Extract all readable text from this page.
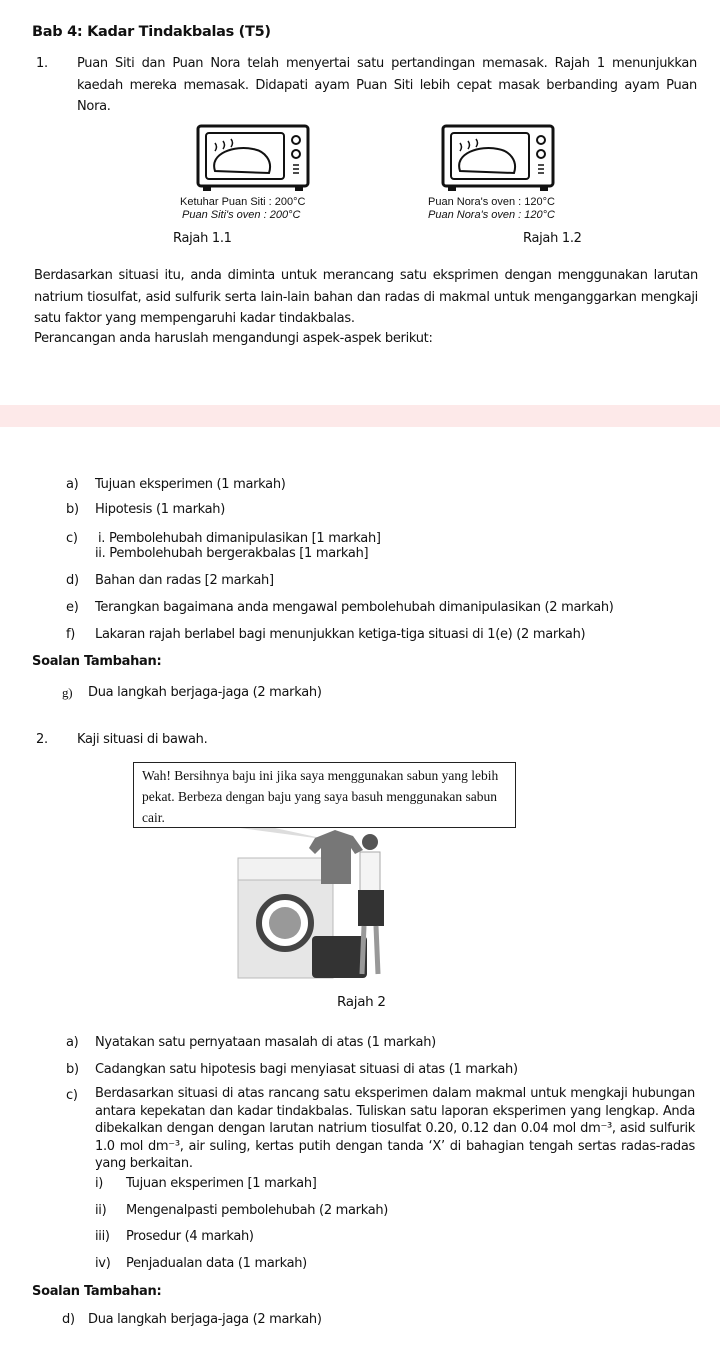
Bab 4: Kadar Tindakbalas (T5)
1. Puan Siti dan Puan Nora telah menyertai satu pertandingan memasak. Rajah 1 menunjukkan kaedah mereka memasak. Didapati ayam Puan Siti lebih cepat masak berbanding ayam Puan Nora.
Ketuhar Puan Siti : 200°C
Puan Siti's oven : 200°C
Rajah 1.1
Puan Nora's oven : 120°C
Puan Nora's oven : 120°C
Rajah 1.2
Berdasarkan situasi itu, anda diminta untuk merancang satu eksprimen dengan menggunakan larutan natrium tiosulfat, asid sulfurik serta lain-lain bahan dan radas di makmal untuk menganggarkan mengkaji satu faktor yang mempengaruhi kadar tindakbalas.
Perancangan anda haruslah mengandungi aspek-aspek berikut:
a) Tujuan eksperimen (1 markah)
b) Hipotesis (1 markah)
c) i. Pembolehubah dimanipulasikan [1 markah]
ii. Pembolehubah bergerakbalas [1 markah]
d) Bahan dan radas [2 markah]
e) Terangkan bagaimana anda mengawal pembolehubah dimanipulasikan (2 markah)
f) Lakaran rajah berlabel bagi menunjukkan ketiga-tiga situasi di 1(e) (2 markah)
Soalan Tambahan:
g) Dua langkah berjaga-jaga (2 markah)
2. Kaji situasi di bawah.
Wah! Bersihnya baju ini jika saya menggunakan sabun yang lebih pekat. Berbeza dengan baju yang saya basuh menggunakan sabun cair.
Rajah 2
a) Nyatakan satu pernyataan masalah di atas (1 markah)
b) Cadangkan satu hipotesis bagi menyiasat situasi di atas (1 markah)
c) Berdasarkan situasi di atas rancang satu eksperimen dalam makmal untuk mengkaji hubungan antara kepekatan dan kadar tindakbalas. Tuliskan satu laporan eksperimen yang lengkap. Anda dibekalkan dengan dengan larutan natrium tiosulfat 0.20, 0.12 dan 0.04 mol dm⁻³, asid sulfurik 1.0 mol dm⁻³, air suling, kertas putih dengan tanda ‘X’ di bahagian tengah sertas radas-radas yang berkaitan.
i) Tujuan eksperimen [1 markah]
ii) Mengenalpasti pembolehubah (2 markah)
iii) Prosedur (4 markah)
iv) Penjadualan data (1 markah)
Soalan Tambahan:
d) Dua langkah berjaga-jaga (2 markah)
